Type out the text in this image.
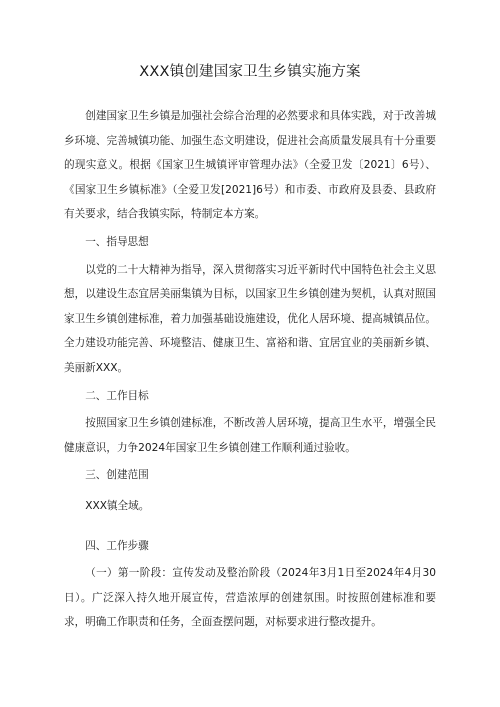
XXX镇创建国家卫生乡镇实施方案

创建国家卫生乡镇是加强社会综合治理的必然要求和具体实践，对于改善城乡环境、完善城镇功能、加强生态文明建设，促进社会高质量发展具有十分重要的现实意义。根据《国家卫生城镇评审管理办法》（全爱卫发〔2021〕6号）、《国家卫生乡镇标准》（全爱卫发[2021]6号）和市委、市政府及县委、县政府有关要求，结合我镇实际，特制定本方案。

一、指导思想

以党的二十大精神为指导，深入贯彻落实习近平新时代中国特色社会主义思想，以建设生态宜居美丽集镇为目标，以国家卫生乡镇创建为契机，认真对照国家卫生乡镇创建标准，着力加强基础设施建设，优化人居环境、提高城镇品位。全力建设功能完善、环境整洁、健康卫生、富裕和谐、宜居宜业的美丽新乡镇、美丽新XXX。

二、工作目标

按照国家卫生乡镇创建标准，不断改善人居环境，提高卫生水平，增强全民健康意识，力争2024年国家卫生乡镇创建工作顺利通过验收。

三、创建范围

XXX镇全域。

四、工作步骤

（一）第一阶段：宣传发动及整治阶段（2024年3月1日至2024年4月30日）。广泛深入持久地开展宣传，营造浓厚的创建氛围。时按照创建标准和要求，明确工作职责和任务，全面查摆问题，对标要求进行整改提升。
